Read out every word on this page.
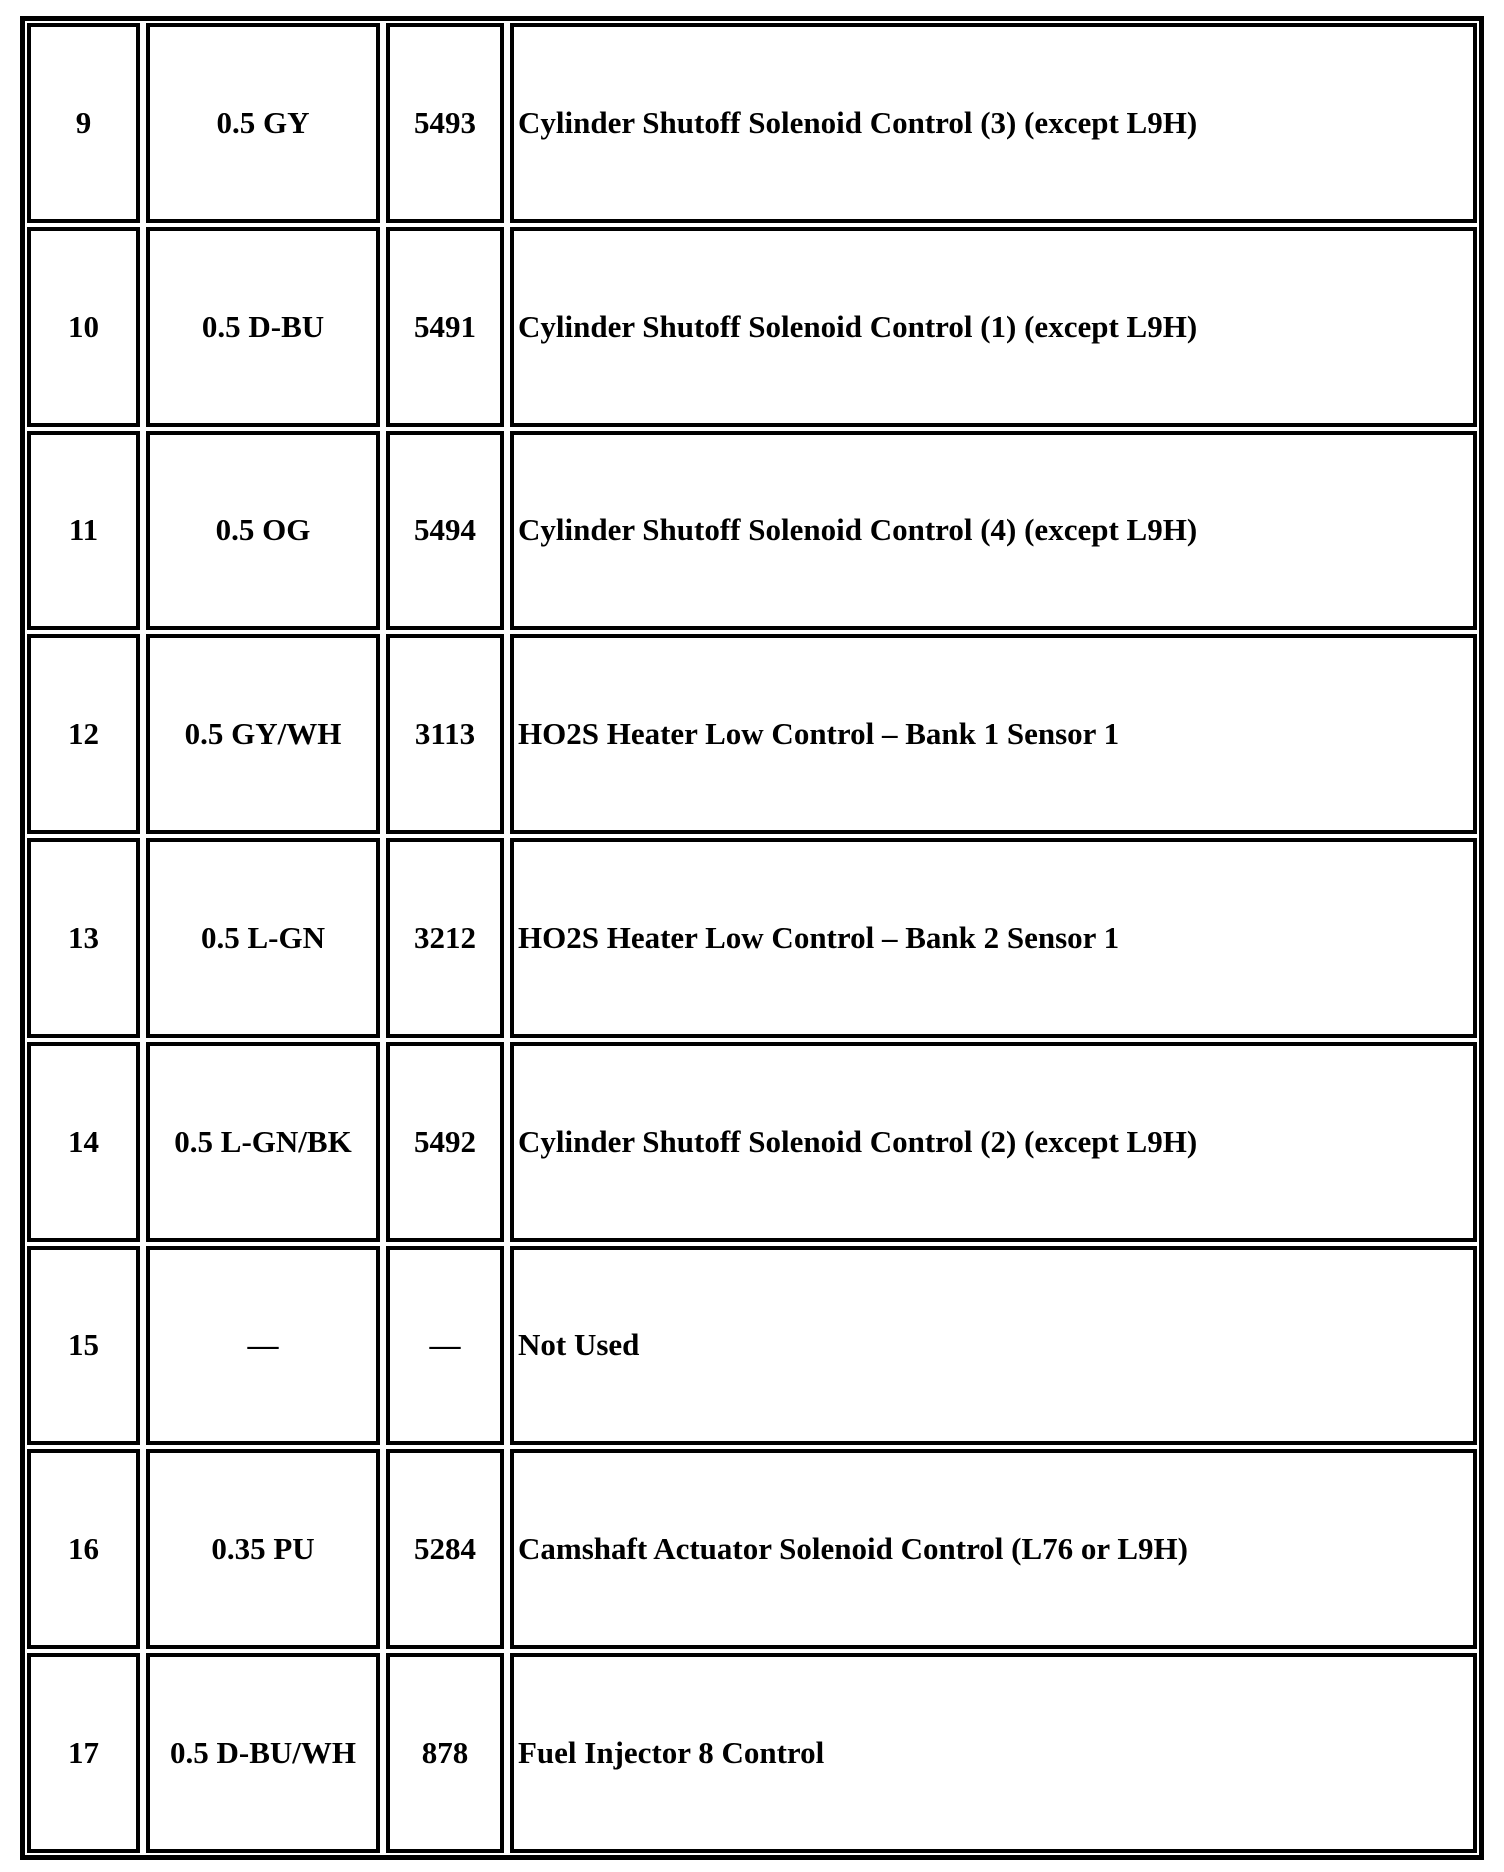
9	0.5 GY	5493	Cylinder Shutoff Solenoid Control (3) (except L9H)
10	0.5 D-BU	5491	Cylinder Shutoff Solenoid Control (1) (except L9H)
11	0.5 OG	5494	Cylinder Shutoff Solenoid Control (4) (except L9H)
12	0.5 GY/WH	3113	HO2S Heater Low Control – Bank 1 Sensor 1
13	0.5 L-GN	3212	HO2S Heater Low Control – Bank 2 Sensor 1
14	0.5 L-GN/BK	5492	Cylinder Shutoff Solenoid Control (2) (except L9H)
15	—	—	Not Used
16	0.35 PU	5284	Camshaft Actuator Solenoid Control (L76 or L9H)
17	0.5 D-BU/WH	878	Fuel Injector 8 Control
